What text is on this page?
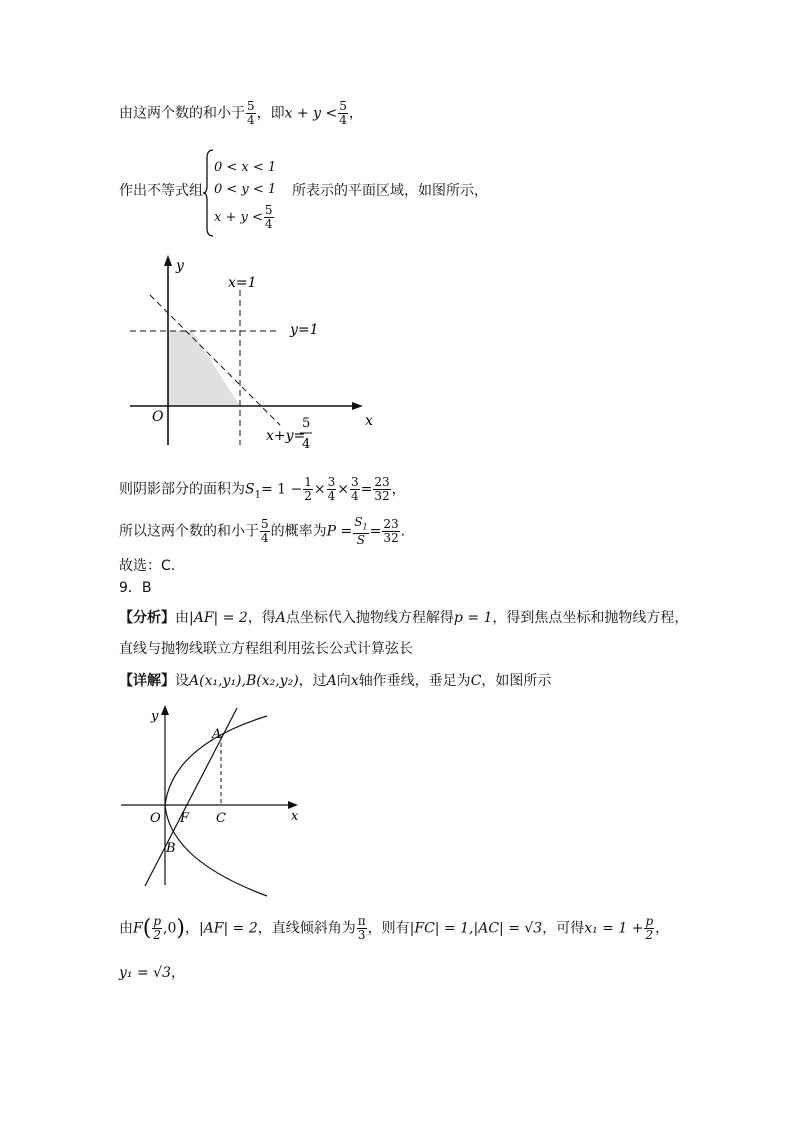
由这两个数的和小于 $\frac{5}{4}$ ，即$x + y < \frac{5}{4}$ ，
作出不等式组
0 < x < 1
0 < y < 1
$x + y < \frac{5}{4}$
所表示的平面区域，如图所示，
y
x
O
x=1
y=1
x+y=
5
4
则阴影部分的面积为$S_1= 1 - \frac{1}{2} \times \frac{3}{4} \times \frac{3}{4} = \frac{23}{32}$ ，
所以这两个数的和小于 $\frac{5}{4}$ 的概率为$P = \frac{S_1}{S} = \frac{23}{32}$ .
故选：C.
9．B
【分析】由|AF| = 2，得A点坐标代入抛物线方程解得p = 1，得到焦点坐标和抛物线方程，
直线与抛物线联立方程组利用弦长公式计算弦长
【详解】设A(x₁,y₁),B(x₂,y₂)，过A向x轴作垂线，垂足为C，如图所示
y
x
O F C
A
B
由$F( \frac{p}{2} ,0)$，|AF| = 2，直线倾斜角为 $\frac{\pi}{3}$ ，则有|FC| = 1,|AC| = √3，可得$x_1 = 1 + \frac{p}{2}$ ，
y₁ = √3，
